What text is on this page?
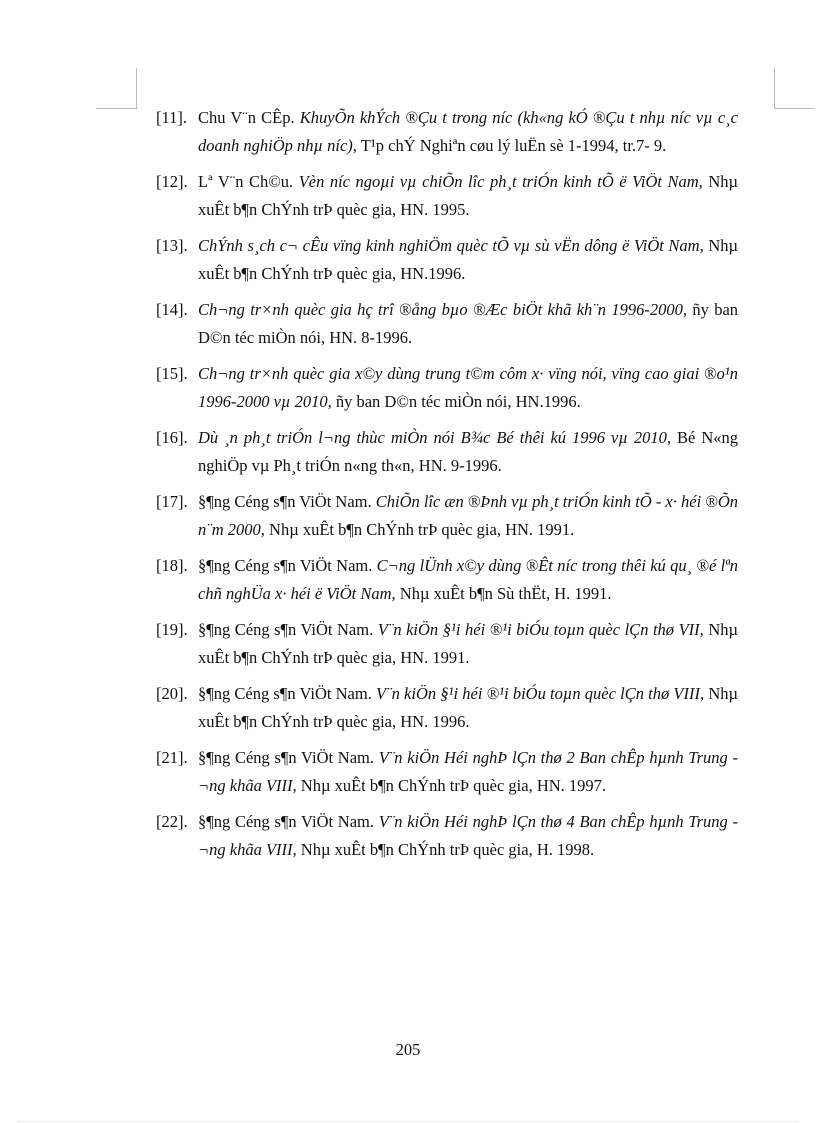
[11]. Chu V¨n CÊp. KhuyÕn khÝch ®Çu t trong níc (kh«ng kÓ ®Çu t nhµ níc vµ c¸c doanh nghiÖp nhµ níc), T¹p chÝ Nghiªn cøu lý luËn sè 1-1994, tr.7- 9.
[12]. Lª V¨n Ch©u. Vèn níc ngoµi vµ chiÕn lîc ph¸t triÓn kinh tÕ ë ViÖt Nam, Nhµ xuÊt b¶n ChÝnh trÞ quèc gia, HN. 1995.
[13]. ChÝnh s¸ch c¬ cÊu vïng kinh nghiÖm quèc tÕ vµ sù vËn dông ë ViÖt Nam, Nhµ xuÊt b¶n ChÝnh trÞ quèc gia, HN.1996.
[14]. Ch¬ng tr×nh quèc gia hç trî ®ång bµo ®Æc biÖt khã kh¨n 1996-2000, ñy ban D©n téc miÒn nói, HN. 8-1996.
[15]. Ch¬ng tr×nh quèc gia x©y dùng trung t©m côm x· vïng nói, vïng cao giai ®o¹n 1996-2000 vµ 2010, ñy ban D©n téc miÒn nói, HN.1996.
[16]. Dù ¸n ph¸t triÓn l¬ng thùc miÒn nói B¾c Bé thêi kú 1996 vµ 2010, Bé N«ng nghiÖp vµ Ph¸t triÓn n«ng th«n, HN. 9-1996.
[17]. §¶ng Céng s¶n ViÖt Nam. ChiÕn lîc æn ®Þnh vµ ph¸t triÓn kinh tÕ - x· héi ®Õn n¨m 2000, Nhµ xuÊt b¶n ChÝnh trÞ quèc gia, HN. 1991.
[18]. §¶ng Céng s¶n ViÖt Nam. C¬ng lÜnh x©y dùng ®Êt níc trong thêi kú qu¸ ®é lªn chñ nghÜa x· héi ë ViÖt Nam, Nhµ xuÊt b¶n Sù thËt, H. 1991.
[19]. §¶ng Céng s¶n ViÖt Nam. V¨n kiÖn §¹i héi ®¹i biÓu toµn quèc lÇn thø VII, Nhµ xuÊt b¶n ChÝnh trÞ quèc gia, HN. 1991.
[20]. §¶ng Céng s¶n ViÖt Nam. V¨n kiÖn §¹i héi ®¹i biÓu toµn quèc lÇn thø VIII, Nhµ xuÊt b¶n ChÝnh trÞ quèc gia, HN. 1996.
[21]. §¶ng Céng s¶n ViÖt Nam. V¨n kiÖn Héi nghÞ lÇn thø 2 Ban chÊp hµnh Trung ¬ng khãa VIII, Nhµ xuÊt b¶n ChÝnh trÞ quèc gia, HN. 1997.
[22]. §¶ng Céng s¶n ViÖt Nam. V¨n kiÖn Héi nghÞ lÇn thø 4 Ban chÊp hµnh Trung ¬ng khãa VIII, Nhµ xuÊt b¶n ChÝnh trÞ quèc gia, H. 1998.
205
